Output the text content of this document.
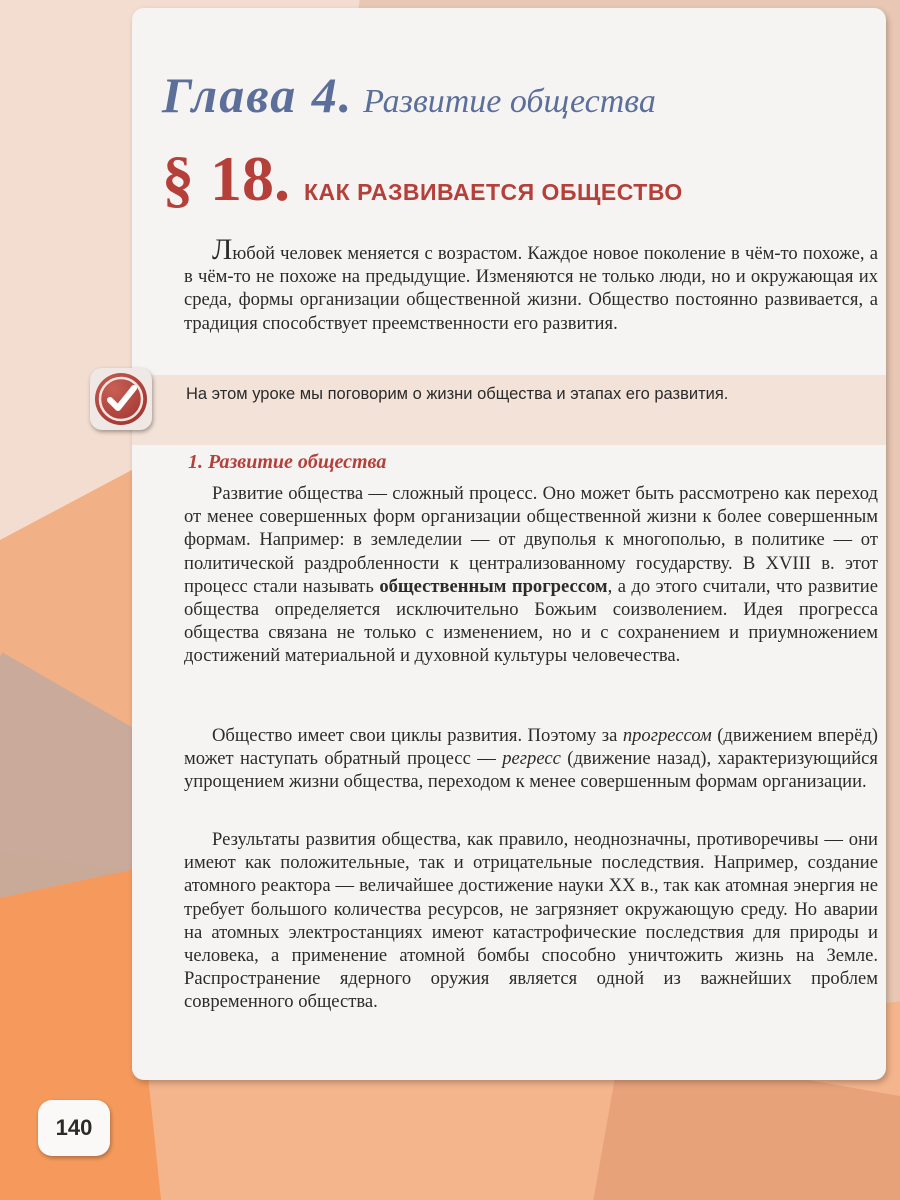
Глава 4. Развитие общества
§ 18. КАК РАЗВИВАЕТСЯ ОБЩЕСТВО
Любой человек меняется с возрастом. Каждое новое поколение в чём-то похоже, а в чём-то не похоже на предыдущие. Изменяются не только люди, но и окружающая их среда, формы организации общественной жизни. Общество постоянно развивается, а традиция способствует преемственности его развития.
На этом уроке мы поговорим о жизни общества и этапах его развития.
1. Развитие общества
Развитие общества — сложный процесс. Оно может быть рассмотрено как переход от менее совершенных форм организации общественной жизни к более совершенным формам. Например: в земледелии — от двуполья к многополью, в политике — от политической раздробленности к централизованному государству. В XVIII в. этот процесс стали называть общественным прогрессом, а до этого считали, что развитие общества определяется исключительно Божьим соизволением. Идея прогресса общества связана не только с изменением, но и с сохранением и приумножением достижений материальной и духовной культуры человечества.
Общество имеет свои циклы развития. Поэтому за прогрессом (движением вперёд) может наступать обратный процесс — регресс (движение назад), характеризующийся упрощением жизни общества, переходом к менее совершенным формам организации.
Результаты развития общества, как правило, неоднозначны, противоречивы — они имеют как положительные, так и отрицательные последствия. Например, создание атомного реактора — величайшее достижение науки XX в., так как атомная энергия не требует большого количества ресурсов, не загрязняет окружающую среду. Но аварии на атомных электростанциях имеют катастрофические последствия для природы и человека, а применение атомной бомбы способно уничтожить жизнь на Земле. Распространение ядерного оружия является одной из важнейших проблем современного общества.
140
